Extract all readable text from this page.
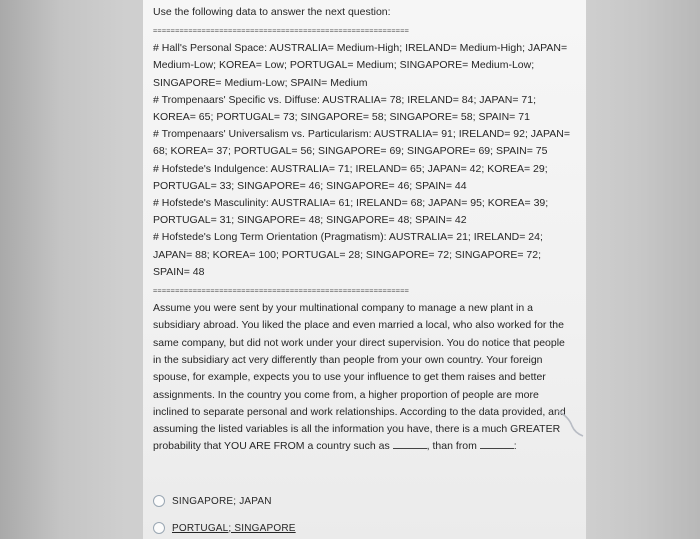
Use the following data to answer the next question:

==========================================================

# Hall's Personal Space: AUSTRALIA= Medium-High; IRELAND= Medium-High; JAPAN= Medium-Low; KOREA= Low; PORTUGAL= Medium; SINGAPORE= Medium-Low; SINGAPORE= Medium-Low; SPAIN= Medium

# Trompenaars' Specific vs. Diffuse: AUSTRALIA= 78; IRELAND= 84; JAPAN= 71; KOREA= 65; PORTUGAL= 73; SINGAPORE= 58; SINGAPORE= 58; SPAIN= 71

# Trompenaars' Universalism vs. Particularism: AUSTRALIA= 91; IRELAND= 92; JAPAN= 68; KOREA= 37; PORTUGAL= 56; SINGAPORE= 69; SINGAPORE= 69; SPAIN= 75

# Hofstede's Indulgence: AUSTRALIA= 71; IRELAND= 65; JAPAN= 42; KOREA= 29; PORTUGAL= 33; SINGAPORE= 46; SINGAPORE= 46; SPAIN= 44

# Hofstede's Masculinity: AUSTRALIA= 61; IRELAND= 68; JAPAN= 95; KOREA= 39; PORTUGAL= 31; SINGAPORE= 48; SINGAPORE= 48; SPAIN= 42

# Hofstede's Long Term Orientation (Pragmatism): AUSTRALIA= 21; IRELAND= 24; JAPAN= 88; KOREA= 100; PORTUGAL= 28; SINGAPORE= 72; SINGAPORE= 72; SPAIN= 48

==========================================================

Assume you were sent by your multinational company to manage a new plant in a subsidiary abroad. You liked the place and even married a local, who also worked for the same company, but did not work under your direct supervision. You do notice that people in the subsidiary act very differently than people from your own country. Your foreign spouse, for example, expects you to use your influence to get them raises and better assignments. In the country you come from, a higher proportion of people are more inclined to separate personal and work relationships. According to the data provided, and assuming the listed variables is all the information you have, there is a much GREATER probability that YOU ARE FROM a country such as	, than from	:

SINGAPORE; JAPAN
PORTUGAL; SINGAPORE
